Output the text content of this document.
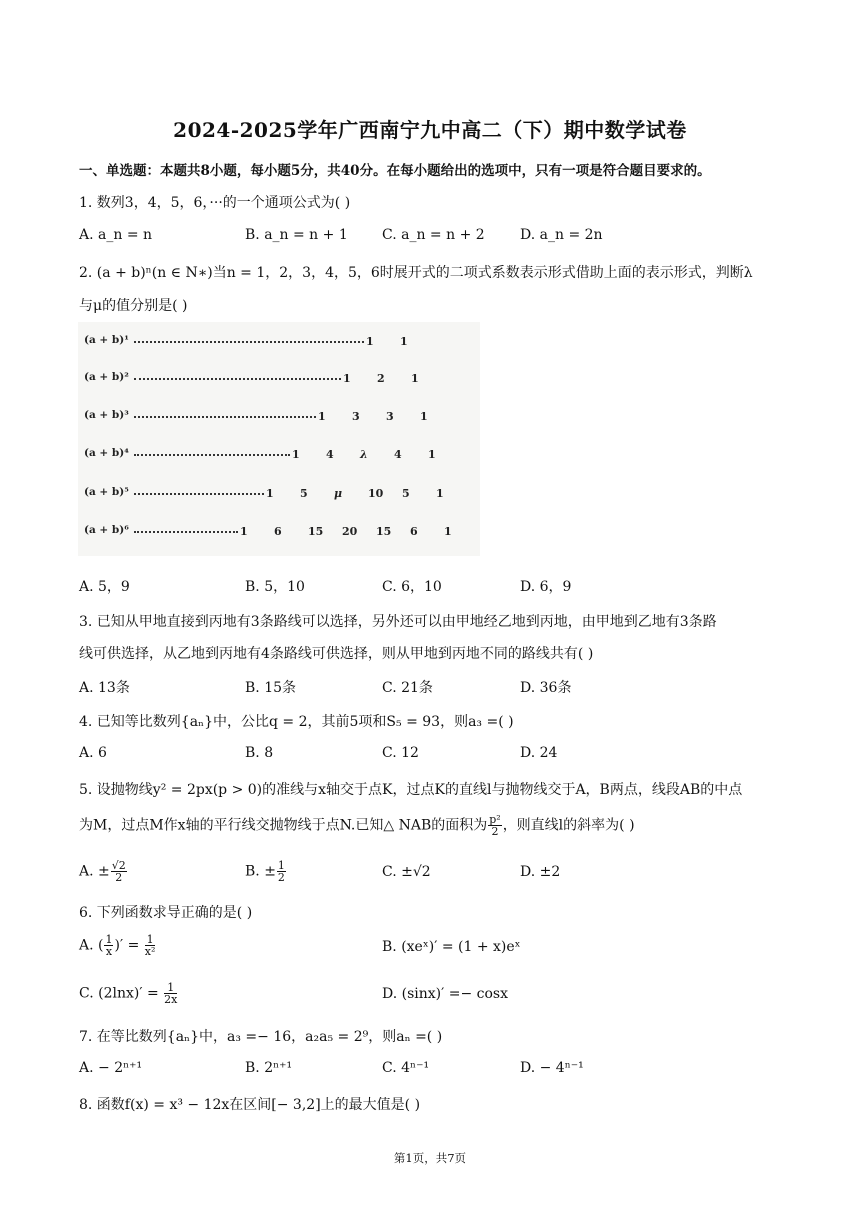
2024-2025学年广西南宁九中高二（下）期中数学试卷
一、单选题：本题共8小题，每小题5分，共40分。在每小题给出的选项中，只有一项是符合题目要求的。
1. 数列3，4，5，6，···的一个通项公式为( )
A. a_n = n	B. a_n = n + 1 C. a_n = n + 2	D. a_n = 2n
2. (a + b)ⁿ(n ∈ N∗)当n = 1，2，3，4，5，6时展开式的二项式系数表示形式借助上面的表示形式，判断λ
与μ的值分别是( )
(a + b)¹	1 1
(a + b)²	1 2 1
(a + b)³	1 3 3 1
(a + b)⁴	1 4 λ 4 1
(a + b)⁵	1 5 μ 10 5 1
(a + b)⁶	1 6 15 20 15 6 1
A. 5，9	B. 5，10	C. 6，10	D. 6，9
3. 已知从甲地直接到丙地有3条路线可以选择，另外还可以由甲地经乙地到丙地，由甲地到乙地有3条路
线可供选择，从乙地到丙地有4条路线可供选择，则从甲地到丙地不同的路线共有( )
A. 13条	B. 15条	C. 21条	D. 36条
4. 已知等比数列{aₙ}中，公比q = 2，其前5项和S₅ = 93，则a₃ =( )
A. 6	B. 8	C. 12	D. 24
5. 设抛物线y² = 2px(p > 0)的准线与x轴交于点K，过点K的直线l与抛物线交于A，B两点，线段AB的中点
为M，过点M作x轴的平行线交抛物线于点N.已知△ NAB的面积为 $\frac{\text{p²}}{2}$ ，则直线l的斜率为( )
A. ± $\frac{√2}{2}$	B. ± $\frac{1}{2}$	C. ±√2	D. ±2
6. 下列函数求导正确的是( )
A. ( $\frac{1}{x}$ )′ = $\frac{1}{\text{x²}}$	B. (xeˣ)′ = (1 + x)eˣ
C. $(2\ln x)' = \frac{1}{2x}$	D. (sinx)′ =− cosx
7. 在等比数列{aₙ}中，a₃ =− 16，a₂a₅ = 2⁹，则aₙ =( )
A. − 2ⁿ⁺¹	B. 2ⁿ⁺¹	C. 4ⁿ⁻¹	D. − 4ⁿ⁻¹
8. 函数f(x) = x³ − 12x在区间[− 3,2]上的最大值是( )
第1页，共7页
